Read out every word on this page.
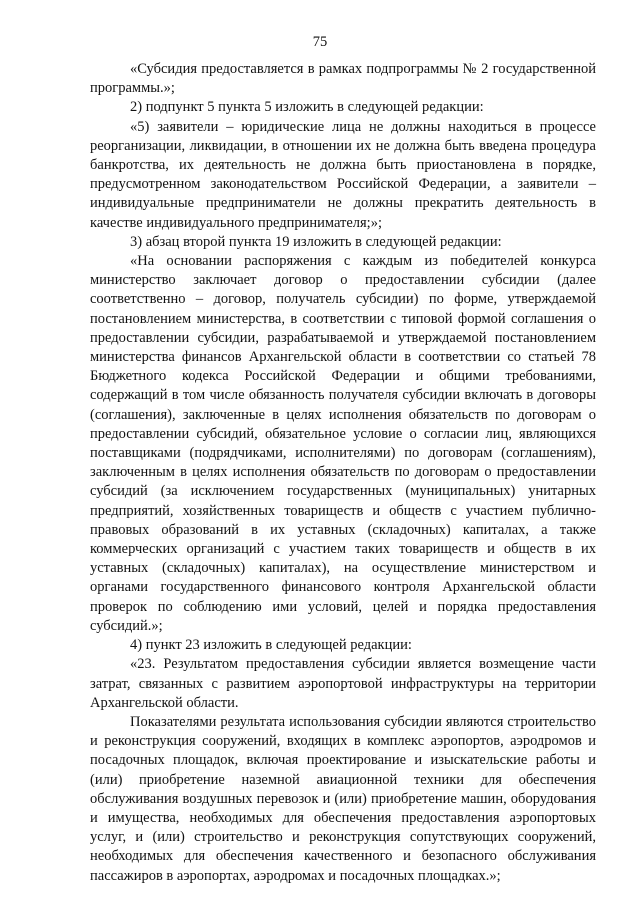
75

«Субсидия предоставляется в рамках подпрограммы № 2 государственной программы.»;

2) подпункт 5 пункта 5 изложить в следующей редакции:

«5) заявители – юридические лица не должны находиться в процессе реорганизации, ликвидации, в отношении их не должна быть введена процедура банкротства, их деятельность не должна быть приостановлена в порядке, предусмотренном законодательством Российской Федерации, а заявители – индивидуальные предприниматели не должны прекратить деятельность в качестве индивидуального предпринимателя;»;

3) абзац второй пункта 19 изложить в следующей редакции:

«На основании распоряжения с каждым из победителей конкурса министерство заключает договор о предоставлении субсидии (далее соответственно – договор, получатель субсидии) по форме, утверждаемой постановлением министерства, в соответствии с типовой формой соглашения о предоставлении субсидии, разрабатываемой и утверждаемой постановлением министерства финансов Архангельской области в соответствии со статьей 78 Бюджетного кодекса Российской Федерации и общими требованиями, содержащий в том числе обязанность получателя субсидии включать в договоры (соглашения), заключенные в целях исполнения обязательств по договорам о предоставлении субсидий, обязательное условие о согласии лиц, являющихся поставщиками (подрядчиками, исполнителями) по договорам (соглашениям), заключенным в целях исполнения обязательств по договорам о предоставлении субсидий (за исключением государственных (муниципальных) унитарных предприятий, хозяйственных товариществ и обществ с участием публично-правовых образований в их уставных (складочных) капиталах, а также коммерческих организаций с участием таких товариществ и обществ в их уставных (складочных) капиталах), на осуществление министерством и органами государственного финансового контроля Архангельской области проверок по соблюдению ими условий, целей и порядка предоставления субсидий.»;

4) пункт 23 изложить в следующей редакции:

«23. Результатом предоставления субсидии является возмещение части затрат, связанных с развитием аэропортовой инфраструктуры на территории Архангельской области.

Показателями результата использования субсидии являются строительство и реконструкция сооружений, входящих в комплекс аэропортов, аэродромов и посадочных площадок, включая проектирование и изыскательские работы и (или) приобретение наземной авиационной техники для обеспечения обслуживания воздушных перевозок и (или) приобретение машин, оборудования и имущества, необходимых для обеспечения предоставления аэропортовых услуг, и (или) строительство и реконструкция сопутствующих сооружений, необходимых для обеспечения качественного и безопасного обслуживания пассажиров в аэропортах, аэродромах и посадочных площадках.»;
